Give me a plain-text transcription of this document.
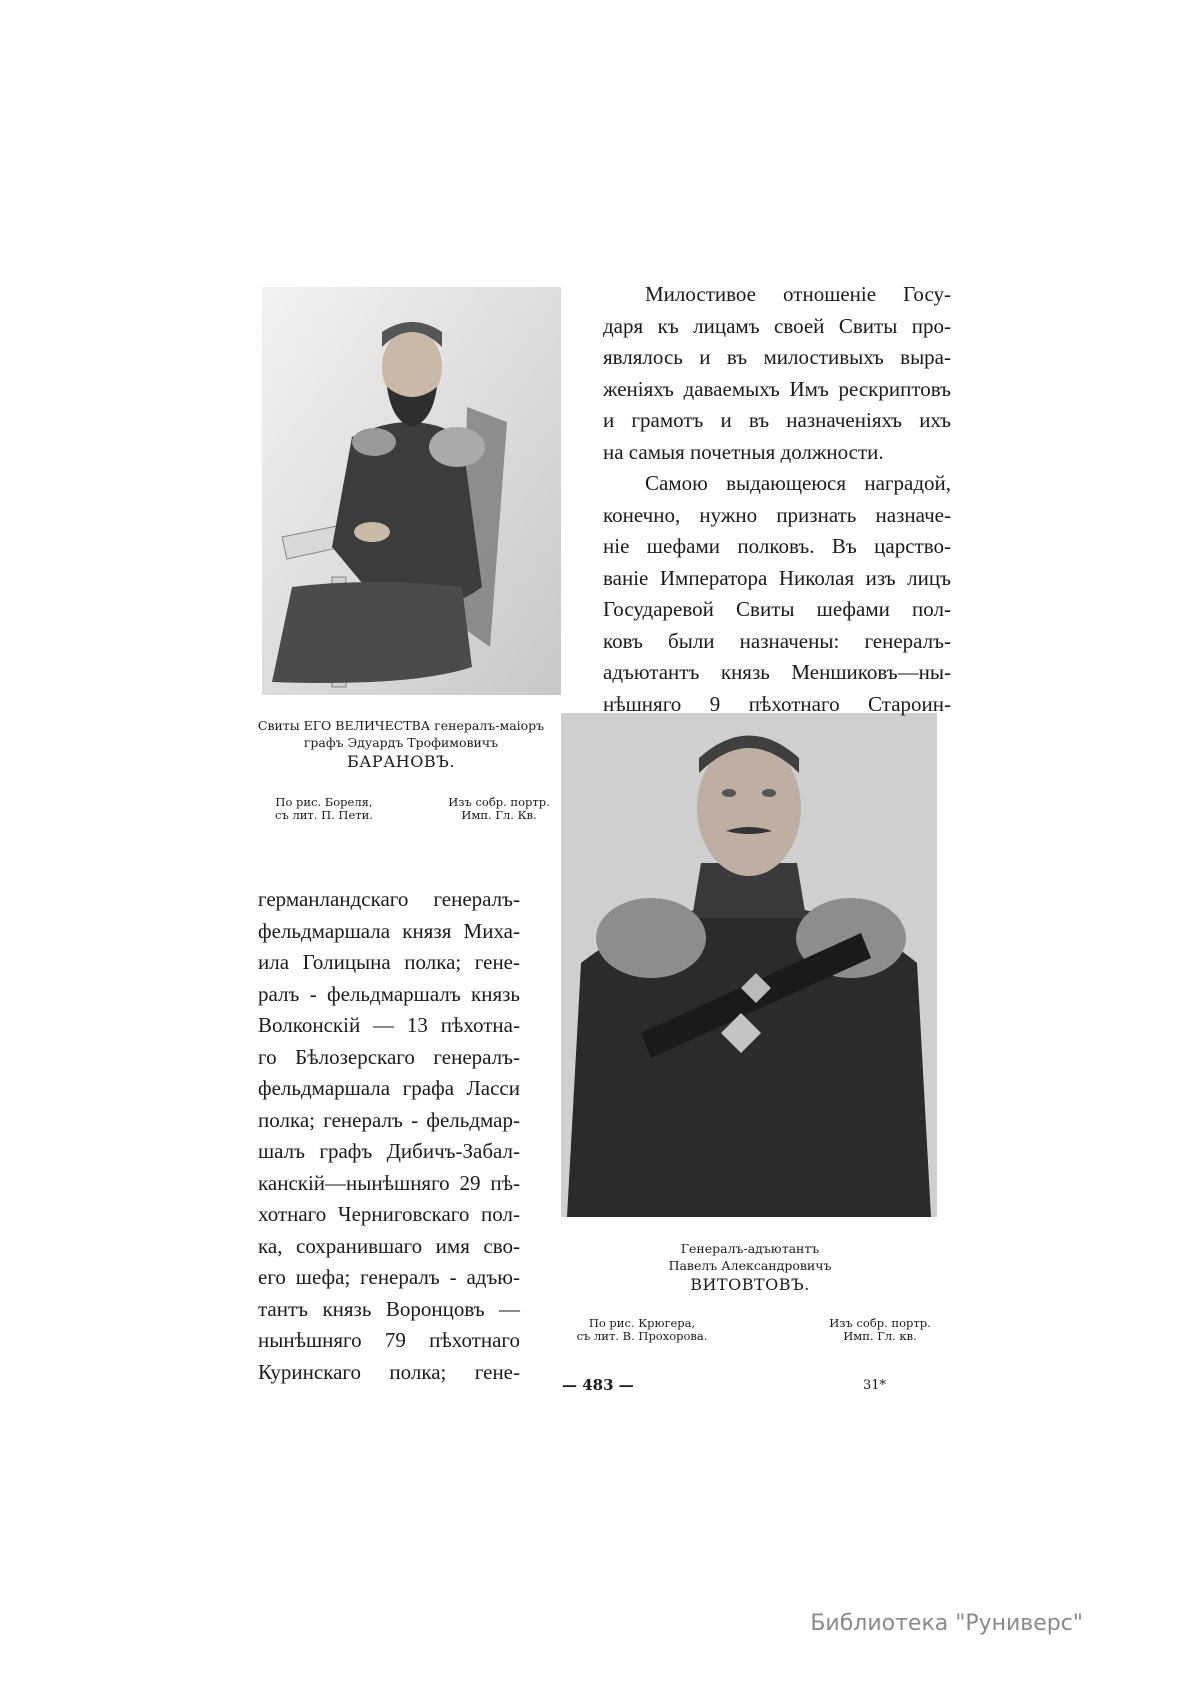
Милостивое отношеніе Госу-

даря къ лицамъ своей Свиты про-

являлось и въ милостивыхъ выра-

женіяхъ даваемыхъ Имъ рескриптовъ

и грамотъ и въ назначеніяхъ ихъ

на самыя почетныя должности.

Самою выдающеюся наградой,

конечно, нужно признать назначе-

ніе шефами полковъ. Въ царство-

ваніе Императора Николая изъ лицъ

Государевой Свиты шефами пол-

ковъ были назначены: генералъ-

адъютантъ князь Меншиковъ—ны-

нѣшняго 9 пѣхотнаго Староин-

германландскаго генералъ-

фельдмаршала князя Миха-

ила Голицына полка; гене-

ралъ - фельдмаршалъ князь

Волконскій — 13 пѣхотна-

го Бѣлозерскаго генералъ-

фельдмаршала графа Ласси

полка; генералъ - фельдмар-

шалъ графъ Дибичъ-Забал-

канскій—нынѣшняго 29 пѣ-

хотнаго Черниговскаго пол-

ка, сохранившаго имя сво-

его шефа; генералъ - адъю-

тантъ князь Воронцовъ —

нынѣшняго 79 пѣхотнаго

Куринскаго полка; гене-

Свиты ЕГО ВЕЛИЧЕСТВА генералъ-маіоръ
графъ Эдуардъ Трофимовичъ
БАРАНОВЪ.
По рис. Бореля,
съ лит. П. Пети.
Изъ собр. портр.
Имп. Гл. Кв.
Генералъ-адъютантъ
Павелъ Александровичъ
ВИТОВТОВЪ.
По рис. Крюгера,
съ лит. В. Прохорова.
Изъ собр. портр.
Имп. Гл. кв.
— 483 —	31*
Библиотека "Руниверс"
